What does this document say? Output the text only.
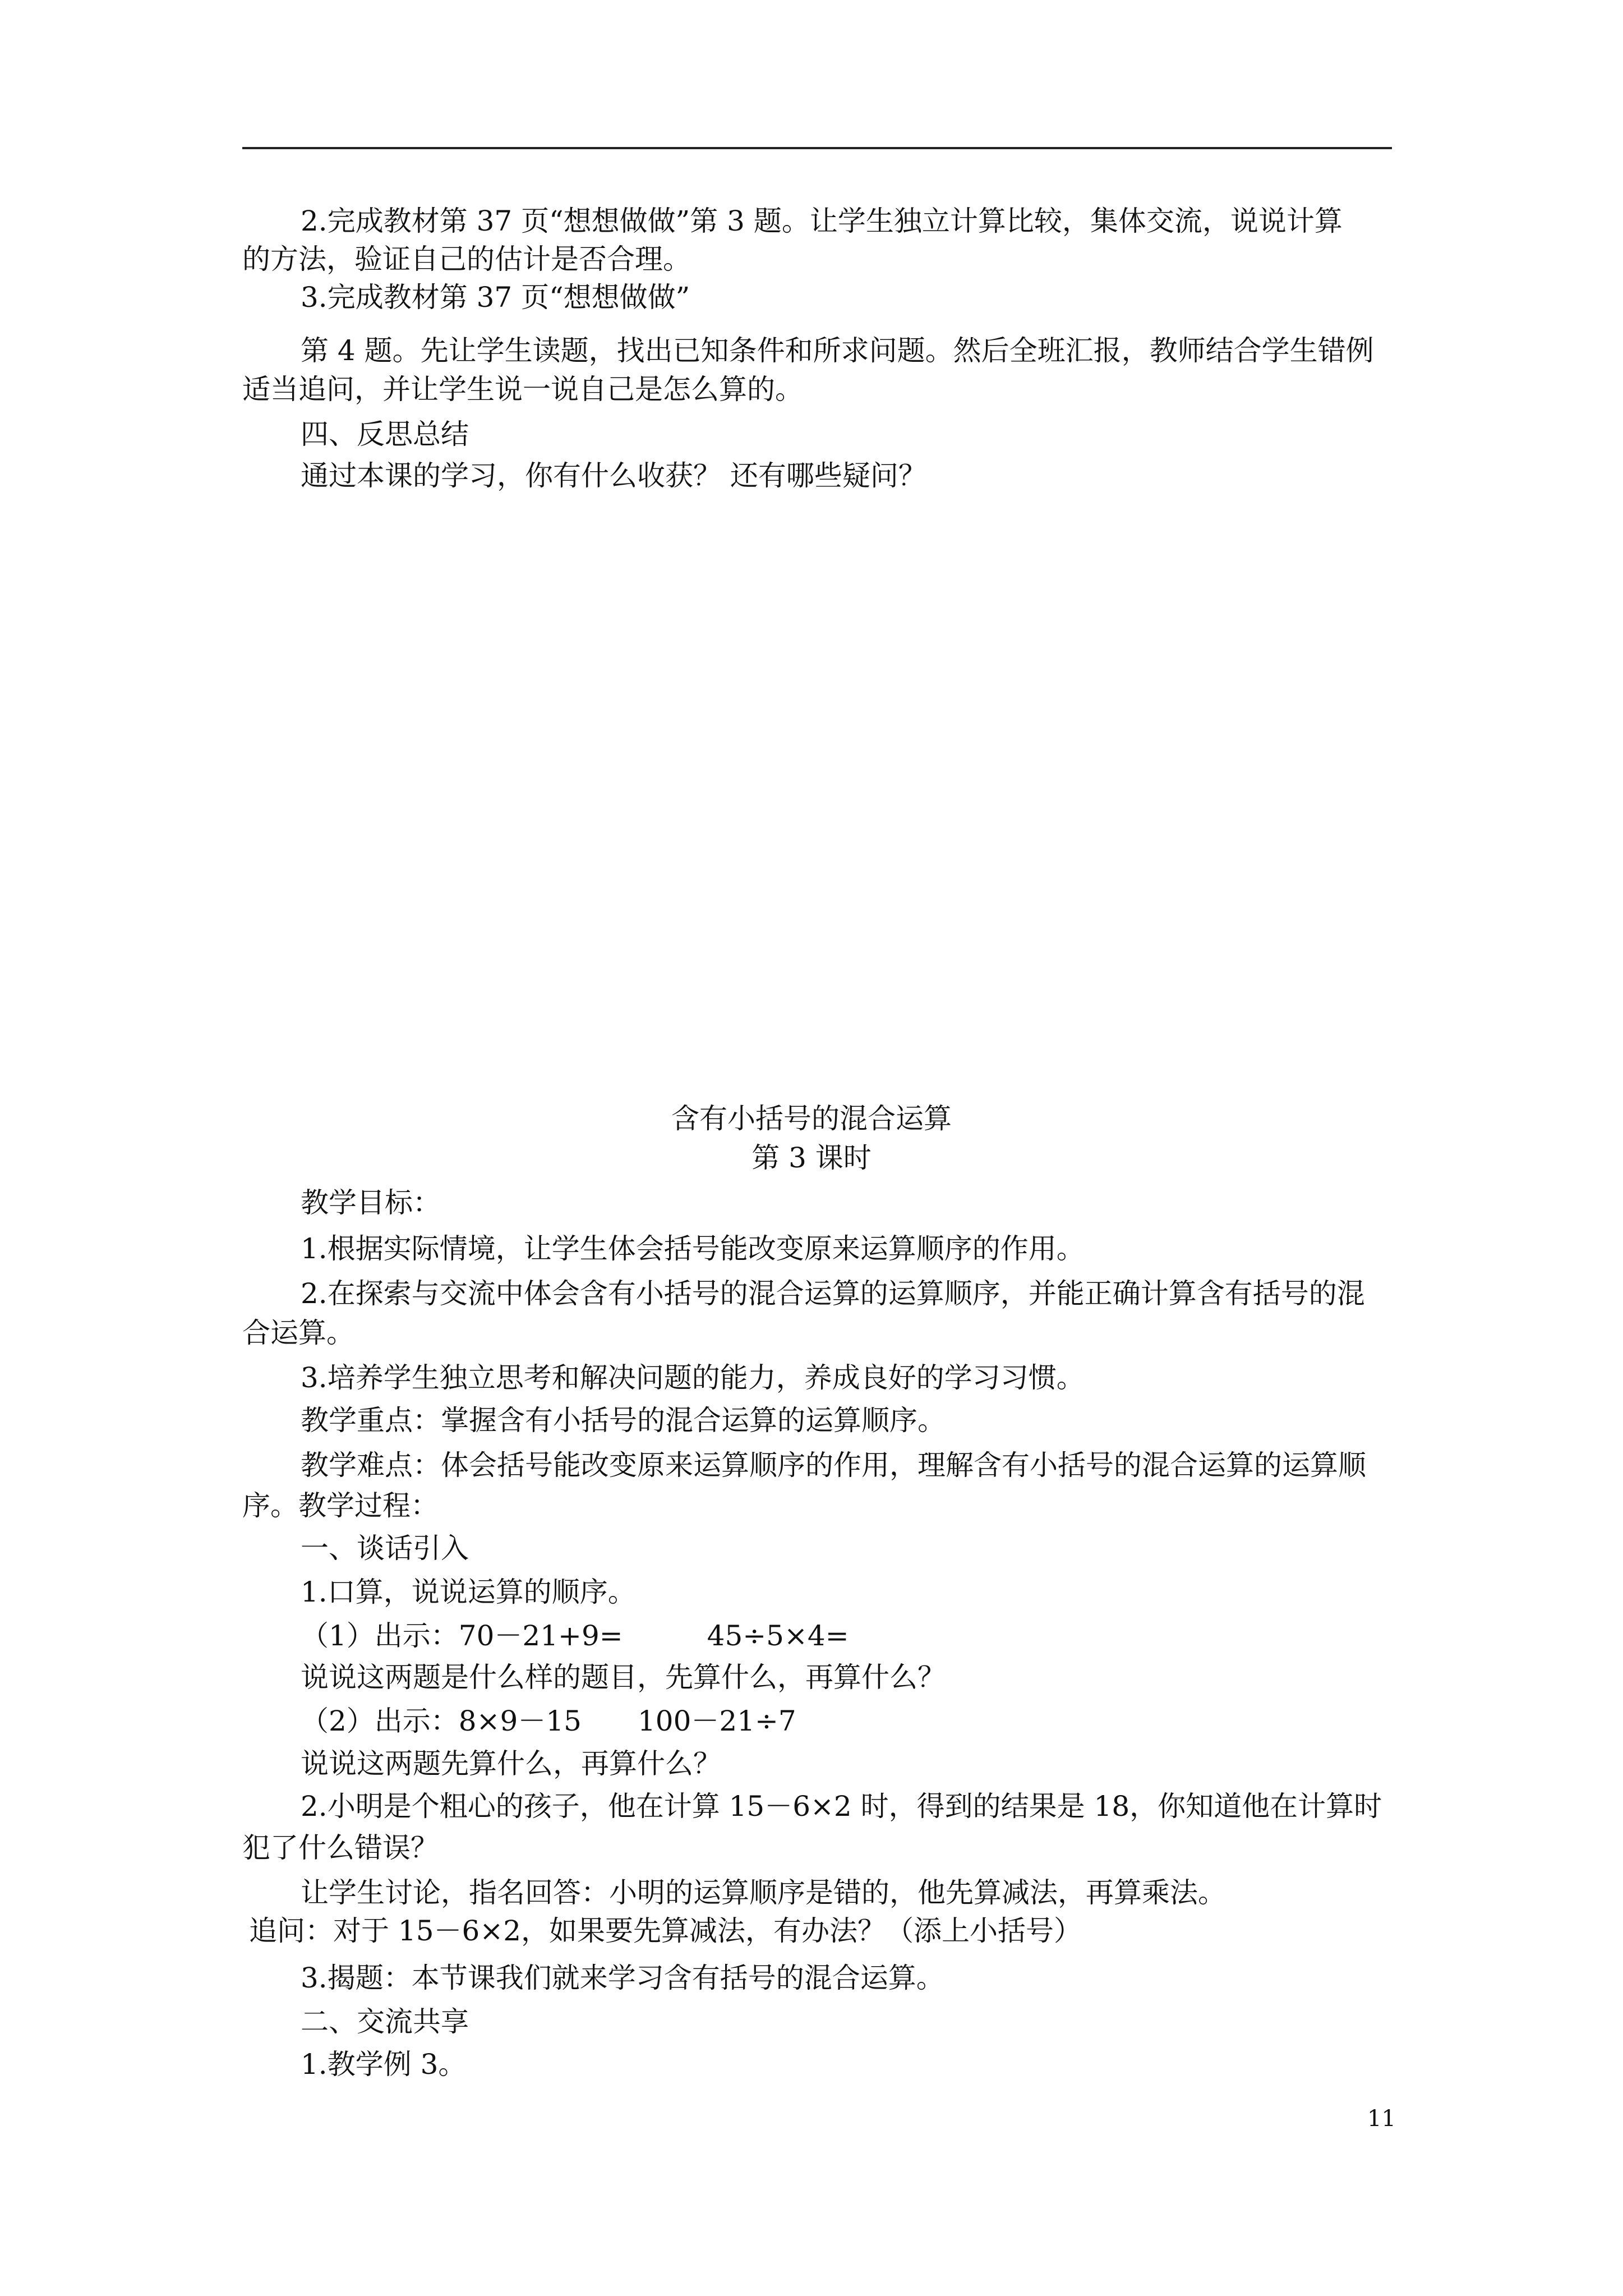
2.完成教材第 37 页“想想做做”第 3 题。让学生独立计算比较，集体交流，说说计算
的方法，验证自己的估计是否合理。
3.完成教材第 37 页“想想做做”
第 4 题。先让学生读题，找出已知条件和所求问题。然后全班汇报，教师结合学生错例
适当追问，并让学生说一说自己是怎么算的。
四、反思总结
通过本课的学习，你有什么收获？ 还有哪些疑问？
含有小括号的混合运算
第 3 课时
教学目标：
1.根据实际情境，让学生体会括号能改变原来运算顺序的作用。
2.在探索与交流中体会含有小括号的混合运算的运算顺序，并能正确计算含有括号的混
合运算。
3.培养学生独立思考和解决问题的能力，养成良好的学习习惯。
教学重点：掌握含有小括号的混合运算的运算顺序。
教学难点：体会括号能改变原来运算顺序的作用，理解含有小括号的混合运算的运算顺
序。教学过程：
一、谈话引入
1.口算，说说运算的顺序。
（1）出示：70－21+9=　　　45÷5×4=
说说这两题是什么样的题目，先算什么，再算什么？
（2）出示：8×9－15　　100－21÷7
说说这两题先算什么，再算什么？
2.小明是个粗心的孩子，他在计算 15－6×2 时，得到的结果是 18，你知道他在计算时
犯了什么错误？
让学生讨论，指名回答：小明的运算顺序是错的，他先算减法，再算乘法。
追问：对于 15－6×2，如果要先算减法，有办法？（添上小括号）
3.揭题：本节课我们就来学习含有括号的混合运算。
二、交流共享
1.教学例 3。
11
